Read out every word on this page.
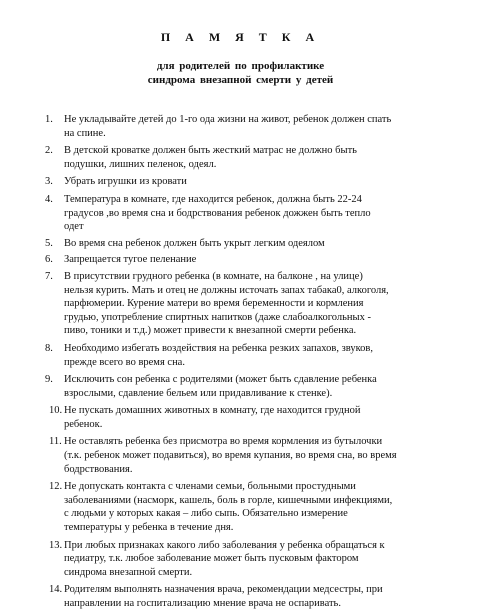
П А М Я Т К А
для родителей по профилактике
синдрома внезапной смерти у детей
1.	Не укладывайте детей до 1-го ода жизни на живот, ребенок должен спать
на спине.
2.	В детской кроватке должен быть жесткий матрас не должно быть
подушки, лишних пеленок, одеял.
3.	Убрать игрушки из кровати
4.	Температура в комнате, где находится ребенок, должна быть 22-24
градусов ,во время сна и бодрствования ребенок дожжен быть тепло
одет
5.	Во время сна ребенок должен быть укрыт легким одеялом
6.	Запрещается тугое пеленание
7.	В присутствии грудного ребенка (в комнате, на балконе , на улице)
нельзя курить. Мать и отец не должны источать запах табака0, алкоголя,
парфюмерии. Курение матери во время беременности и кормления
грудью, употребление спиртных напитков (даже слабоалкогольных -
пиво, тоники и т.д.) может привести к внезапной смерти ребенка.
8.	Необходимо избегать воздействия на ребенка резких запахов, звуков,
прежде всего во время сна.
9.	Исключить сон ребенка с родителями (может быть сдавление ребенка
взрослыми, сдавление бельем или придавливание к стенке).
10. Не пускать домашних животных в комнату, где находится грудной
ребенок.
11. Не оставлять ребенка без присмотра во время кормления из бутылочки
(т.к. ребенок может подавиться), во время купания, во время сна, во время
бодрствования.
12. Не допускать контакта с членами семьи, больными простудными
заболеваниями (насморк, кашель, боль в горле, кишечными инфекциями,
с людьми у которых какая – либо сыпь. Обязательно измерение
температуры у ребенка в течение дня.
13. При любых признаках какого либо заболевания у ребенка обращаться к
педиатру, т.к. любое заболевание может быть пусковым фактором
синдрома внезапной смерти.
14. Родителям выполнять назначения врача, рекомендации медсестры, при
направлении на госпитализацию мнение врача не оспаривать.
